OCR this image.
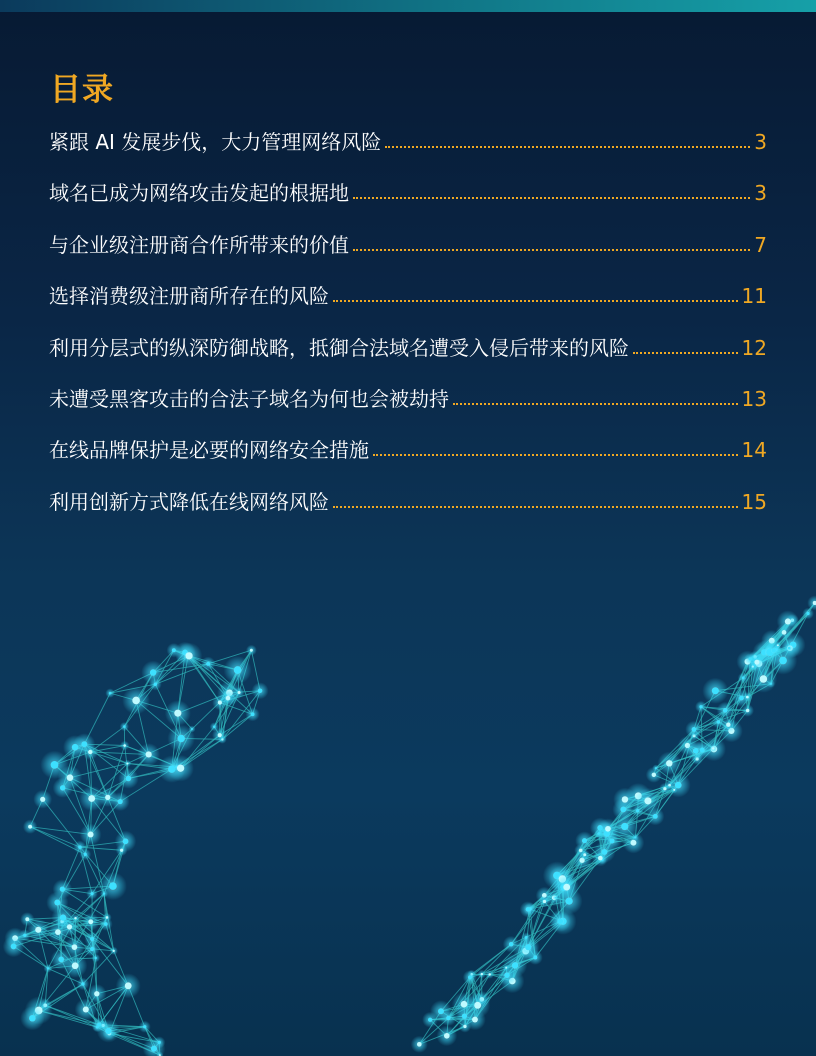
目录
紧跟 AI 发展步伐，大力管理网络风险	3
域名已成为网络攻击发起的根据地	3
与企业级注册商合作所带来的价值	7
选择消费级注册商所存在的风险	11
利用分层式的纵深防御战略，抵御合法域名遭受入侵后带来的风险	12
未遭受黑客攻击的合法子域名为何也会被劫持	13
在线品牌保护是必要的网络安全措施	14
利用创新方式降低在线网络风险	15
